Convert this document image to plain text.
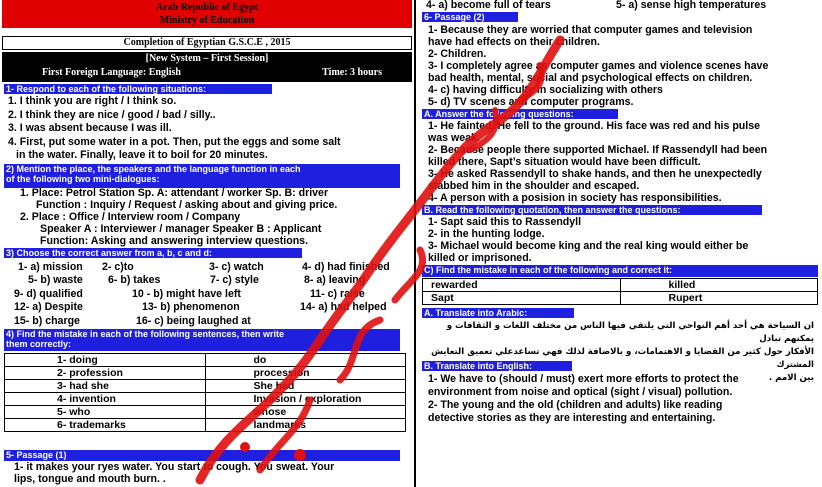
Arab Republic of Egypt
Ministry of Education
Completion of Egyptian G.S.C.E , 2015
[New System – First Session]
First Foreign Language: English	Time: 3 hours
1- Respond to each of the following situations:
1. I think you are right / I think so.
2. I think they are nice / good / bad / silly..
3. I was absent because I was ill.
4. First, put some water in a pot. Then, put the eggs and some salt
in the water. Finally, leave it to boil for 20 minutes.
2) Mention the place, the speakers and the language function in each
of the following two mini-dialogues:
1. Place: Petrol Station Sp. A: attendant / worker Sp. B: driver
Function : Inquiry / Request / asking about and giving price.
2. Place : Office / Interview room / Company
Speaker A : Interviewer / manager Speaker B : Applicant
Function: Asking and answering interview questions.
3) Choose the correct answer from a, b, c and d:
1- a) mission 2- c)to	3- c) watch	4- d) had finished
5- b) waste 6- b) takes	7- c) style	8- a) leaving
9- d) qualified	10 - b) might have left	11- c) raise
12- a) Despite	13- b) phenomenon	14- a) had helped
15- b) charge	16- c) being laughed at
4) Find the mistake in each of the following sentences, then write
them correctly:
1- doing	do
2- profession	procession
3- had she	She had
4- invention	Invasion / exploration
5- who	whose
6- trademarks	landmarks
5- Passage (1)
1- it makes your ryes water. You start to cough. You sweat. Your
lips, tongue and mouth burn. .
4- a) become full of tears	5- a) sense high temperatures
6- Passage (2)
1- Because they are worried that computer games and television
have had effects on their children.
2- Children.
3- I completely agree as computer games and violence scenes have
bad health, mental, social and psychological effects on children.
4- c) having difficulty in socializing with others
5- d) TV scenes and computer programs.
A. Answer the following questions:
1- He fainted. He fell to the ground. His face was red and his pulse
was weak.
2- Because people there supported Michael. If Rassendyll had been
killed there, Sapt’s situation would have been difficult.
3- He asked Rassendyll to shake hands, and then he unexpectedly
stabbed him in the shoulder and escaped.
4- A person with a posision in society has responsibilities.
B. Read the following quotation, then answer the questions:
1- Sapt said this to Rassendyll
2- in the hunting lodge.
3- Michael would become king and the real king would either be
killed or imprisoned.
C) Find the mistake in each of the following and correct it:
rewarded	killed
Sapt	Rupert
A. Translate into Arabic:
ان السياحة هي أحد أهم النواحي التي يلتقي فيها الناس من مختلف اللغات و الثقافات و يمكنهم تبادل
الأفكار حول كثير من القضايا و الاهتمامات، و بالاضافة لذلك فهي تساعدعلي تعميق التعايش المشترك
بين الامم .
B. Translate into English:
1- We have to (should / must) exert more efforts to protect the
environment from noise and optical (sight / visual) pollution.
2- The young and the old (children and adults) like reading
detective stories as they are interesting and entertaining.
